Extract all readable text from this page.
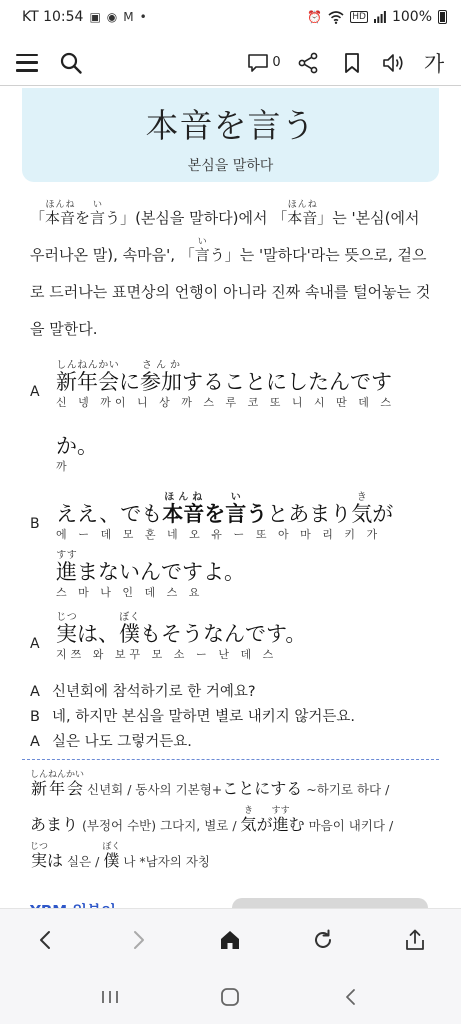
KT 10:54 ▣ ◉ M •	⏰	HD 100%
0	가
本音を言う
본심을 말하다
「本音ほんねを言いう」(본심을 말하다)에서 「本音ほんね」는 '본심(에서 우러나온 말), 속마음', 「言いう」는 '말하다'라는 뜻으로, 겉으로 드러나는 표면상의 언행이 아니라 진짜 속내를 털어놓는 것을 말한다.
A 新年会しんねんかいに参加さんかすることにしたんです
신 넹 까이 니 상 까 스 루 코 또 니 시 딴 데 스
か。
까
B ええ、でも本音ほんねを言いうとあまり気きが
에 ー 데 모 혼 네 오 유 ー 또 아 마 리 키 가
進すすまないんですよ。
스 마 나 인 데 스 요
A 実じつは、僕ぼくもそうなんです。
지쯔 와 보꾸 모 소 ー 난 데 스
A 신년회에 참석하기로 한 거예요?
B 네, 하지만 본심을 말하면 별로 내키지 않거든요.
A 실은 나도 그렇거든요.
新年会しんねんかい 신년회 / 동사의 기본형+ことにする ~하기로 하다 /
あまり (부정어 수반) 그다지, 별로 / 気きが進すすむ 마음이 내키다 /
実じつは 실은 / 僕ぼく 나 *남자의 자칭
